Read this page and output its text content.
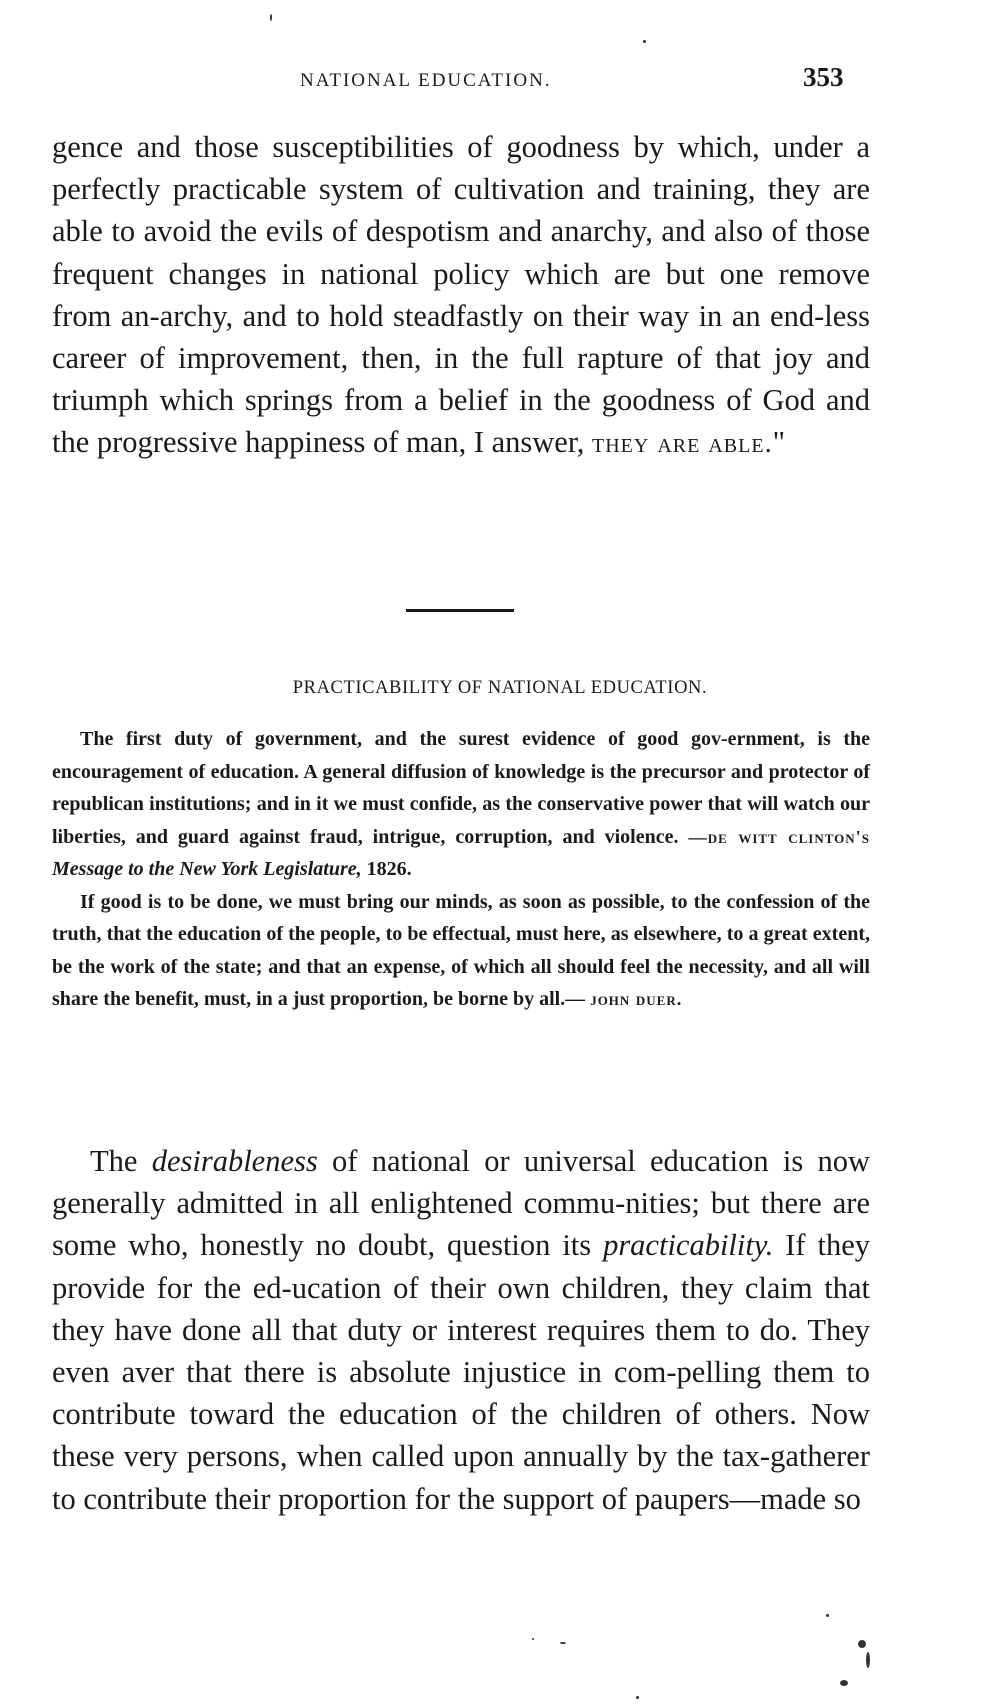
NATIONAL EDUCATION.	353

gence and those susceptibilities of goodness by which, under a perfectly practicable system of cultivation and training, they are able to avoid the evils of despotism and anarchy, and also of those frequent changes in national policy which are but one remove from an-archy, and to hold steadfastly on their way in an end-less career of improvement, then, in the full rapture of that joy and triumph which springs from a belief in the goodness of God and the progressive happiness of man, I answer, they are able."

PRACTICABILITY OF NATIONAL EDUCATION.

The first duty of government, and the surest evidence of good gov-ernment, is the encouragement of education. A general diffusion of knowledge is the precursor and protector of republican institutions; and in it we must confide, as the conservative power that will watch our liberties, and guard against fraud, intrigue, corruption, and violence. —de witt clinton's Message to the New York Legislature, 1826.

If good is to be done, we must bring our minds, as soon as possible, to the confession of the truth, that the education of the people, to be effectual, must here, as elsewhere, to a great extent, be the work of the state; and that an expense, of which all should feel the necessity, and all will share the benefit, must, in a just proportion, be borne by all.— john duer.

The desirableness of national or universal education is now generally admitted in all enlightened commu-nities; but there are some who, honestly no doubt, question its practicability. If they provide for the ed-ucation of their own children, they claim that they have done all that duty or interest requires them to do. They even aver that there is absolute injustice in com-pelling them to contribute toward the education of the children of others. Now these very persons, when called upon annually by the tax-gatherer to contribute their proportion for the support of paupers—made so
